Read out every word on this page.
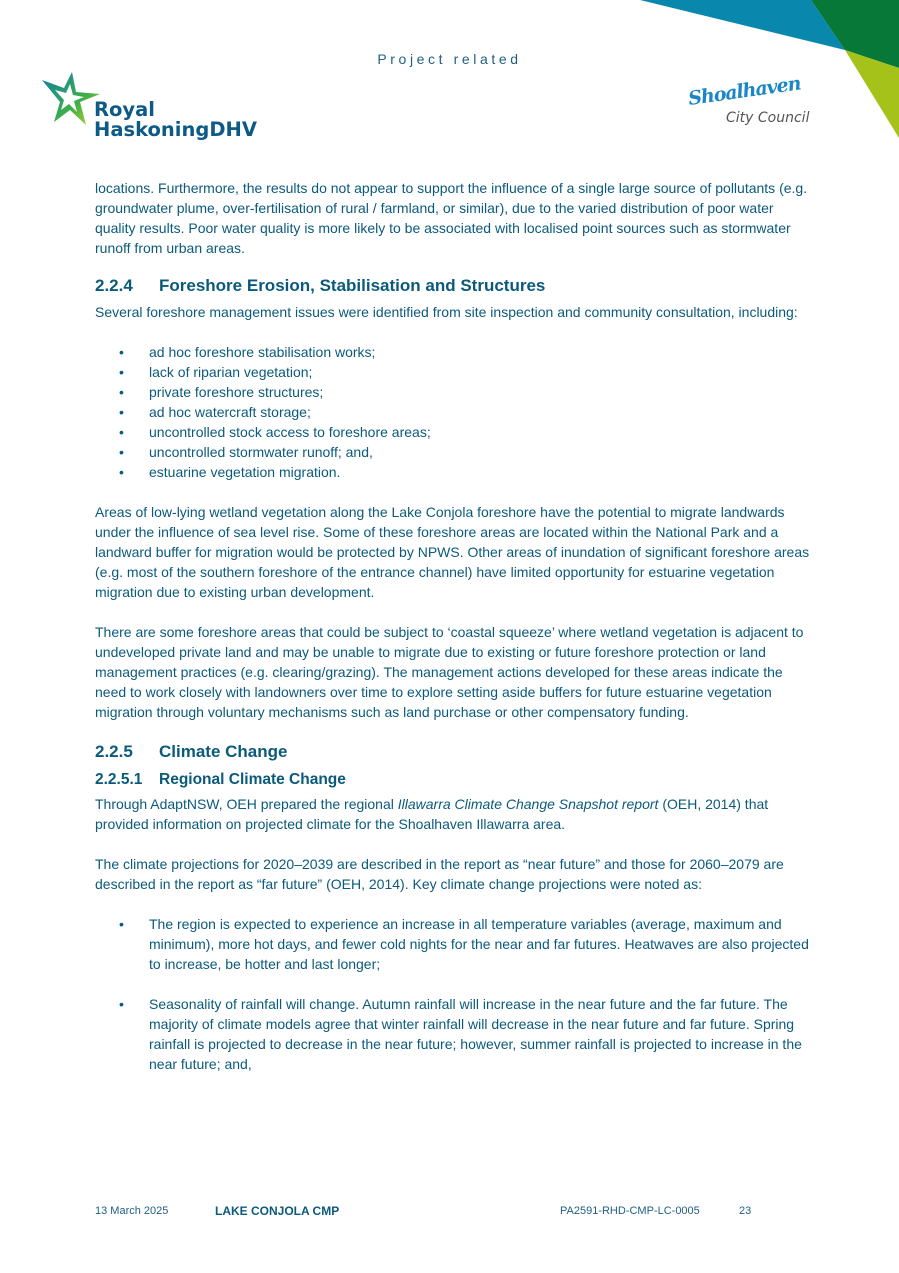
Project related
Royal
HaskoningDHV
Shoalhaven
City Council

locations. Furthermore, the results do not appear to support the influence of a single large source of pollutants (e.g. groundwater plume, over-fertilisation of rural / farmland, or similar), due to the varied distribution of poor water quality results. Poor water quality is more likely to be associated with localised point sources such as stormwater runoff from urban areas.

2.2.4 Foreshore Erosion, Stabilisation and Structures

Several foreshore management issues were identified from site inspection and community consultation, including:

• ad hoc foreshore stabilisation works;
• lack of riparian vegetation;
• private foreshore structures;
• ad hoc watercraft storage;
• uncontrolled stock access to foreshore areas;
• uncontrolled stormwater runoff; and,
• estuarine vegetation migration.

Areas of low-lying wetland vegetation along the Lake Conjola foreshore have the potential to migrate landwards under the influence of sea level rise. Some of these foreshore areas are located within the National Park and a landward buffer for migration would be protected by NPWS. Other areas of inundation of significant foreshore areas (e.g. most of the southern foreshore of the entrance channel) have limited opportunity for estuarine vegetation migration due to existing urban development.

There are some foreshore areas that could be subject to ‘coastal squeeze’ where wetland vegetation is adjacent to undeveloped private land and may be unable to migrate due to existing or future foreshore protection or land management practices (e.g. clearing/grazing). The management actions developed for these areas indicate the need to work closely with landowners over time to explore setting aside buffers for future estuarine vegetation migration through voluntary mechanisms such as land purchase or other compensatory funding.

2.2.5 Climate Change
2.2.5.1 Regional Climate Change

Through AdaptNSW, OEH prepared the regional Illawarra Climate Change Snapshot report (OEH, 2014) that provided information on projected climate for the Shoalhaven Illawarra area.

The climate projections for 2020–2039 are described in the report as “near future” and those for 2060–2079 are described in the report as “far future” (OEH, 2014). Key climate change projections were noted as:

• The region is expected to experience an increase in all temperature variables (average, maximum and minimum), more hot days, and fewer cold nights for the near and far futures. Heatwaves are also projected to increase, be hotter and last longer;
• Seasonality of rainfall will change. Autumn rainfall will increase in the near future and the far future. The majority of climate models agree that winter rainfall will decrease in the near future and far future. Spring rainfall is projected to decrease in the near future; however, summer rainfall is projected to increase in the near future; and,
13 March 2025	LAKE CONJOLA CMP	PA2591-RHD-CMP-LC-0005	23
